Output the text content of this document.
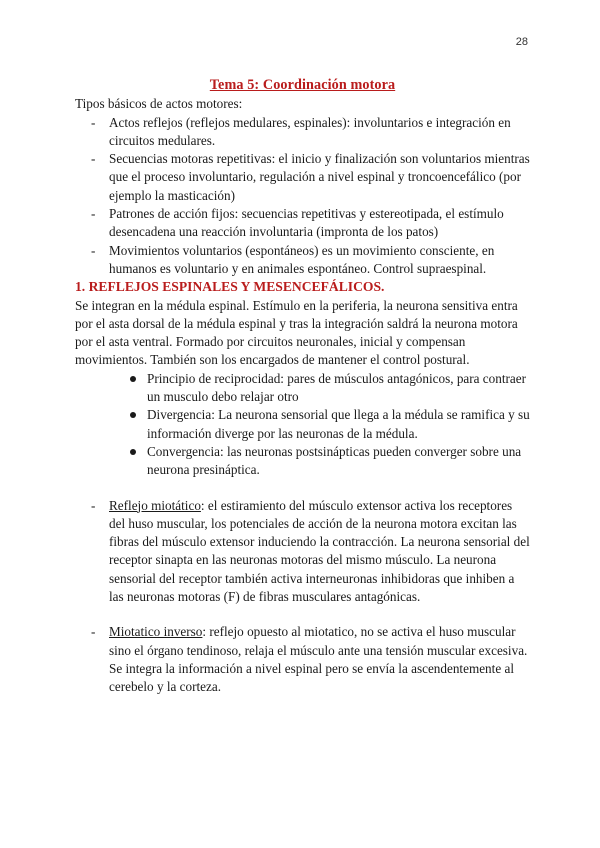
28
Tema 5: Coordinación motora

Tipos básicos de actos motores:

- Actos reflejos (reflejos medulares, espinales): involuntarios e integración en circuitos medulares.
- Secuencias motoras repetitivas: el inicio y finalización son voluntarios mientras que el proceso involuntario, regulación a nivel espinal y troncoencefálico (por ejemplo la masticación)
- Patrones de acción fijos: secuencias repetitivas y estereotipada, el estímulo desencadena una reacción involuntaria (impronta de los patos)
- Movimientos voluntarios (espontáneos) es un movimiento consciente, en humanos es voluntario y en animales espontáneo. Control supraespinal.
1. REFLEJOS ESPINALES Y MESENCEFÁLICOS.

Se integran en la médula espinal. Estímulo en la periferia, la neurona sensitiva entra por el asta dorsal de la médula espinal y tras la integración saldrá la neurona motora por el asta ventral. Formado por circuitos neuronales, inicial y compensan movimientos. También son los encargados de mantener el control postural.

Principio de reciprocidad: pares de músculos antagónicos, para contraer un musculo debo relajar otro
Divergencia: La neurona sensorial que llega a la médula se ramifica y su información diverge por las neuronas de la médula.
Convergencia: las neuronas postsinápticas pueden converger sobre una neurona presináptica.
- Reflejo miotático: el estiramiento del músculo extensor activa los receptores del huso muscular, los potenciales de acción de la neurona motora excitan las fibras del músculo extensor induciendo la contracción. La neurona sensorial del receptor sinapta en las neuronas motoras del mismo músculo. La neurona sensorial del receptor también activa interneuronas inhibidoras que inhiben a las neuronas motoras (F) de fibras musculares antagónicas.
- Miotatico inverso: reflejo opuesto al miotatico, no se activa el huso muscular sino el órgano tendinoso, relaja el músculo ante una tensión muscular excesiva. Se integra la información a nivel espinal pero se envía la ascendentemente al cerebelo y la corteza.
